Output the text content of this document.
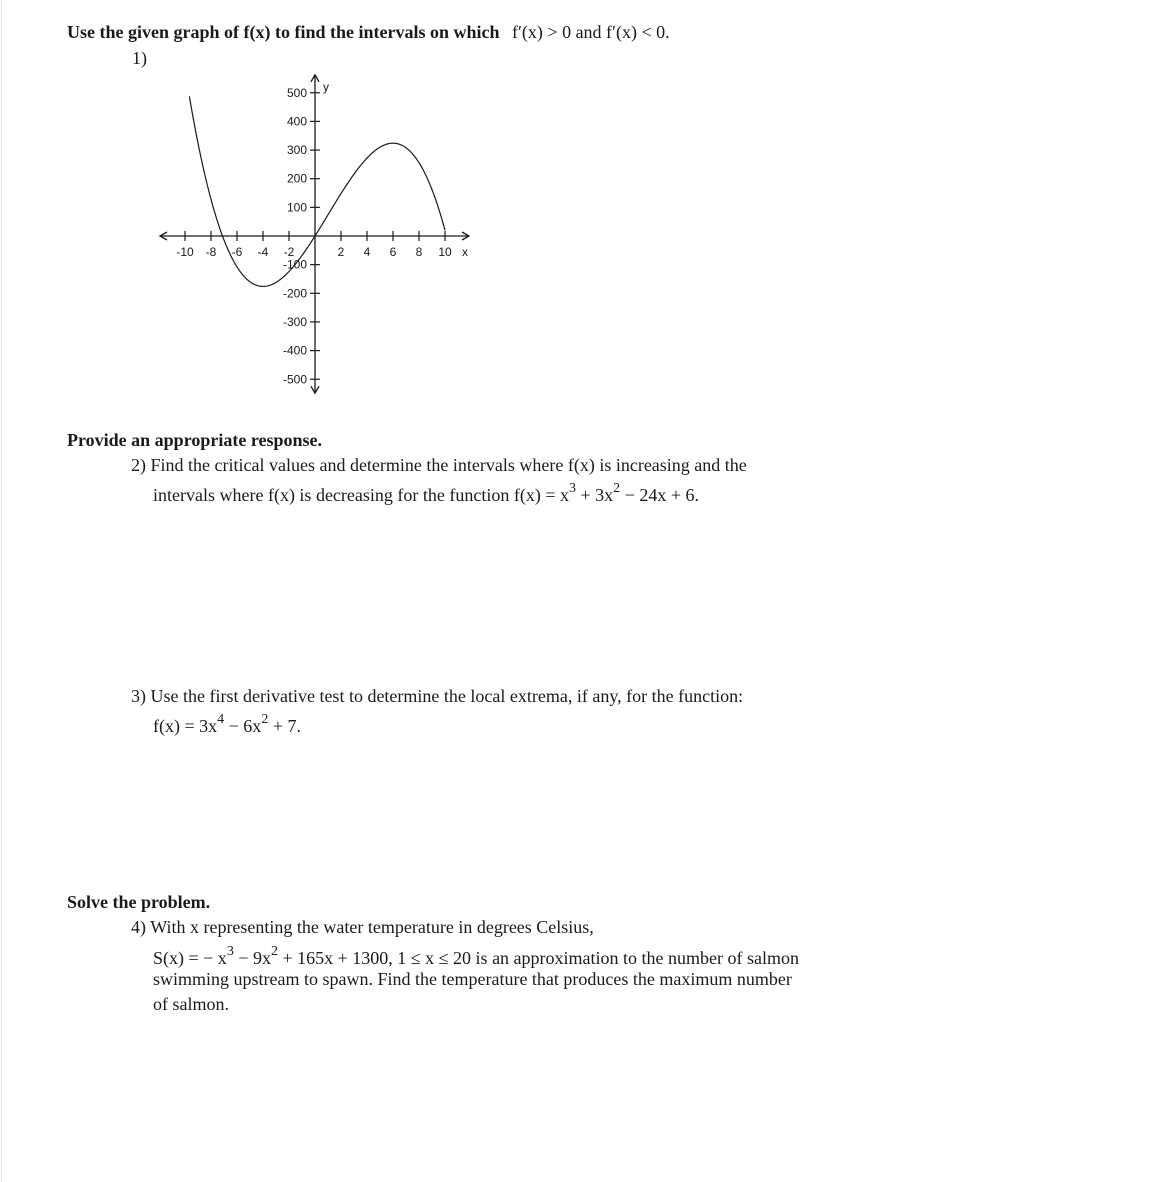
Use the given graph of f(x) to find the intervals on which f′(x) > 0 and f′(x) < 0.
1)
-10 -8 -6 -4 -2	2 4 6 8 10 x
500
400
300
200
100
-100
-200
-300
-400
-500
y
Provide an appropriate response.
2) Find the critical values and determine the intervals where f(x) is increasing and the
intervals where f(x) is decreasing for the function $f(x) = x^3 + 3x^2 - 24x + 6$.
3) Use the first derivative test to determine the local extrema, if any, for the function:
$f(x) = 3x^4 - 6x^2 + 7$.
Solve the problem.
4) With x representing the water temperature in degrees Celsius,
S(x) = − $x^3 - 9x^2 + 165x + 1300$, 1 ≤ x ≤ 20 is an approximation to the number of salmon
swimming upstream to spawn. Find the temperature that produces the maximum number
of salmon.
